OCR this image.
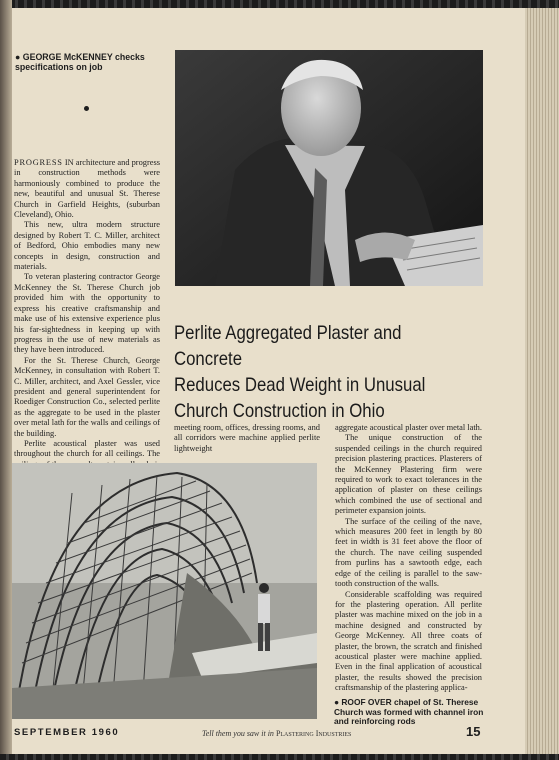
● GEORGE McKENNEY checks specifications on job

PROGRESS IN architecture and progress in construction methods were harmoniously combined to produce the new, beautiful and unusual St. Therese Church in Garfield Heights, (suburban Cleveland), Ohio.

This new, ultra modern structure designed by Robert T. C. Miller, architect of Bedford, Ohio embodies many new concepts in design, construction and materials.

To veteran plastering contractor George McKenney the St. Therese Church job provided him with the opportunity to express his creative craftsmanship and make use of his extensive experience plus his far-sightedness in keeping up with progress in the use of new materials as they have been introduced.

For the St. Therese Church, George McKenney, in consultation with Robert T. C. Miller, architect, and Axel Gessler, vice president and general superintendent for Roediger Construction Co., selected perlite as the aggregate to be used in the plaster over metal lath for the walls and ceilings of the building.

Perlite acoustical plaster was used throughout the church for all ceilings. The

Perlite Aggregated Plaster and Concrete
Reduces Dead Weight in Unusual
Church Construction in Ohio

meeting room, offices, dressing rooms, and all corridors were machine applied perlite lightweight

aggregate acoustical plaster over metal lath.

The unique construction of the suspended ceilings in the church required precision plastering practices. Plasterers of the McKenney Plastering firm were required to work to exact tolerances in the application of plaster on these ceilings which combined the use of sectional and perimeter expansion joints.

The surface of the ceiling of the nave, which measures 200 feet in length by 80 feet in width is 31 feet above the floor of the church. The nave ceiling suspended from purlins has a sawtooth edge, each edge of the ceiling is parallel to the saw-tooth construction of the walls.

Considerable scaffolding was required for the plastering operation. All perlite plaster was machine mixed on the job in a machine designed and constructed by George McKenney. All three coats of plaster, the brown, the scratch and finished acoustical plaster were machine applied. Even in the final application of acoustical plaster, the results showed the precision craftsmanship of the plastering applica-

● ROOF OVER chapel of St. Therese Church was formed with channel iron and reinforcing rods
SEPTEMBER 1960	Tell them you saw it in Plastering Industries	15
